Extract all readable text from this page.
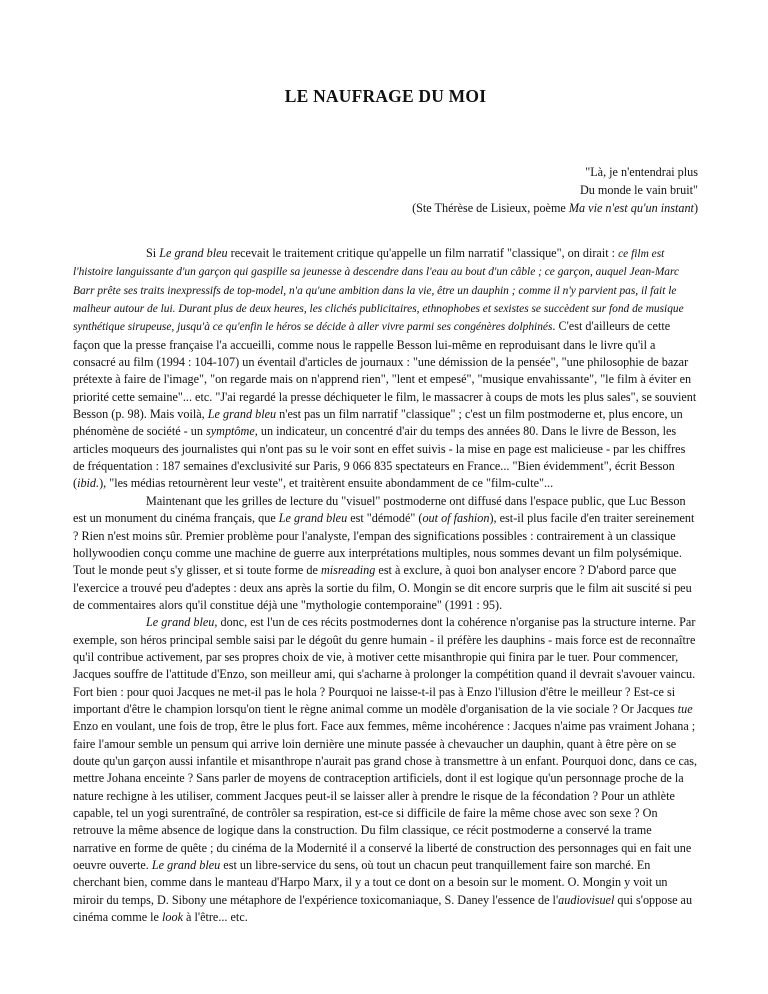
LE NAUFRAGE DU MOI
"Là, je n'entendrai plus
Du monde le vain bruit"
(Ste Thérèse de Lisieux, poème Ma vie n'est qu'un instant)

Si Le grand bleu recevait le traitement critique qu'appelle un film narratif "classique", on dirait : ce film est l'histoire languissante d'un garçon qui gaspille sa jeunesse à descendre dans l'eau au bout d'un câble ; ce garçon, auquel Jean-Marc Barr prête ses traits inexpressifs de top-model, n'a qu'une ambition dans la vie, être un dauphin ; comme il n'y parvient pas, il fait le malheur autour de lui. Durant plus de deux heures, les clichés publicitaires, ethnophobes et sexistes se succèdent sur fond de musique synthétique sirupeuse, jusqu'à ce qu'enfin le héros se décide à aller vivre parmi ses congénères dolphinés. C'est d'ailleurs de cette façon que la presse française l'a accueilli, comme nous le rappelle Besson lui-même en reproduisant dans le livre qu'il a consacré au film (1994 : 104-107) un éventail d'articles de journaux : "une démission de la pensée", "une philosophie de bazar prétexte à faire de l'image", "on regarde mais on n'apprend rien", "lent et empesé", "musique envahissante", "le film à éviter en priorité cette semaine"... etc. "J'ai regardé la presse déchiqueter le film, le massacrer à coups de mots les plus sales", se souvient Besson (p. 98). Mais voilà, Le grand bleu n'est pas un film narratif "classique" ; c'est un film postmoderne et, plus encore, un phénomène de société - un symptôme, un indicateur, un concentré d'air du temps des années 80. Dans le livre de Besson, les articles moqueurs des journalistes qui n'ont pas su le voir sont en effet suivis - la mise en page est malicieuse - par les chiffres de fréquentation : 187 semaines d'exclusivité sur Paris, 9 066 835 spectateurs en France... "Bien évidemment", écrit Besson (ibid.), "les médias retournèrent leur veste", et traitèrent ensuite abondamment de ce "film-culte"...

Maintenant que les grilles de lecture du "visuel" postmoderne ont diffusé dans l'espace public, que Luc Besson est un monument du cinéma français, que Le grand bleu est "démodé" (out of fashion), est-il plus facile d'en traiter sereinement ? Rien n'est moins sûr. Premier problème pour l'analyste, l'empan des significations possibles : contrairement à un classique hollywoodien conçu comme une machine de guerre aux interprétations multiples, nous sommes devant un film polysémique. Tout le monde peut s'y glisser, et si toute forme de misreading est à exclure, à quoi bon analyser encore ? D'abord parce que l'exercice a trouvé peu d'adeptes : deux ans après la sortie du film, O. Mongin se dit encore surpris que le film ait suscité si peu de commentaires alors qu'il constitue déjà une "mythologie contemporaine" (1991 : 95).

Le grand bleu, donc, est l'un de ces récits postmodernes dont la cohérence n'organise pas la structure interne. Par exemple, son héros principal semble saisi par le dégoût du genre humain - il préfère les dauphins - mais force est de reconnaître qu'il contribue activement, par ses propres choix de vie, à motiver cette misanthropie qui finira par le tuer. Pour commencer, Jacques souffre de l'attitude d'Enzo, son meilleur ami, qui s'acharne à prolonger la compétition quand il devrait s'avouer vaincu. Fort bien : pour quoi Jacques ne met-il pas le hola ? Pourquoi ne laisse-t-il pas à Enzo l'illusion d'être le meilleur ? Est-ce si important d'être le champion lorsqu'on tient le règne animal comme un modèle d'organisation de la vie sociale ? Or Jacques tue Enzo en voulant, une fois de trop, être le plus fort. Face aux femmes, même incohérence : Jacques n'aime pas vraiment Johana ; faire l'amour semble un pensum qui arrive loin dernière une minute passée à chevaucher un dauphin, quant à être père on se doute qu'un garçon aussi infantile et misanthrope n'aurait pas grand chose à transmettre à un enfant. Pourquoi donc, dans ce cas, mettre Johana enceinte ? Sans parler de moyens de contraception artificiels, dont il est logique qu'un personnage proche de la nature rechigne à les utiliser, comment Jacques peut-il se laisser aller à prendre le risque de la fécondation ? Pour un athlète capable, tel un yogi surentraîné, de contrôler sa respiration, est-ce si difficile de faire la même chose avec son sexe ? On retrouve la même absence de logique dans la construction. Du film classique, ce récit postmoderne a conservé la trame narrative en forme de quête ; du cinéma de la Modernité il a conservé la liberté de construction des personnages qui en fait une oeuvre ouverte. Le grand bleu est un libre-service du sens, où tout un chacun peut tranquillement faire son marché. En cherchant bien, comme dans le manteau d'Harpo Marx, il y a tout ce dont on a besoin sur le moment. O. Mongin y voit un miroir du temps, D. Sibony une métaphore de l'expérience toxicomaniaque, S. Daney l'essence de l'audiovisuel qui s'oppose au cinéma comme le look à l'être... etc.
